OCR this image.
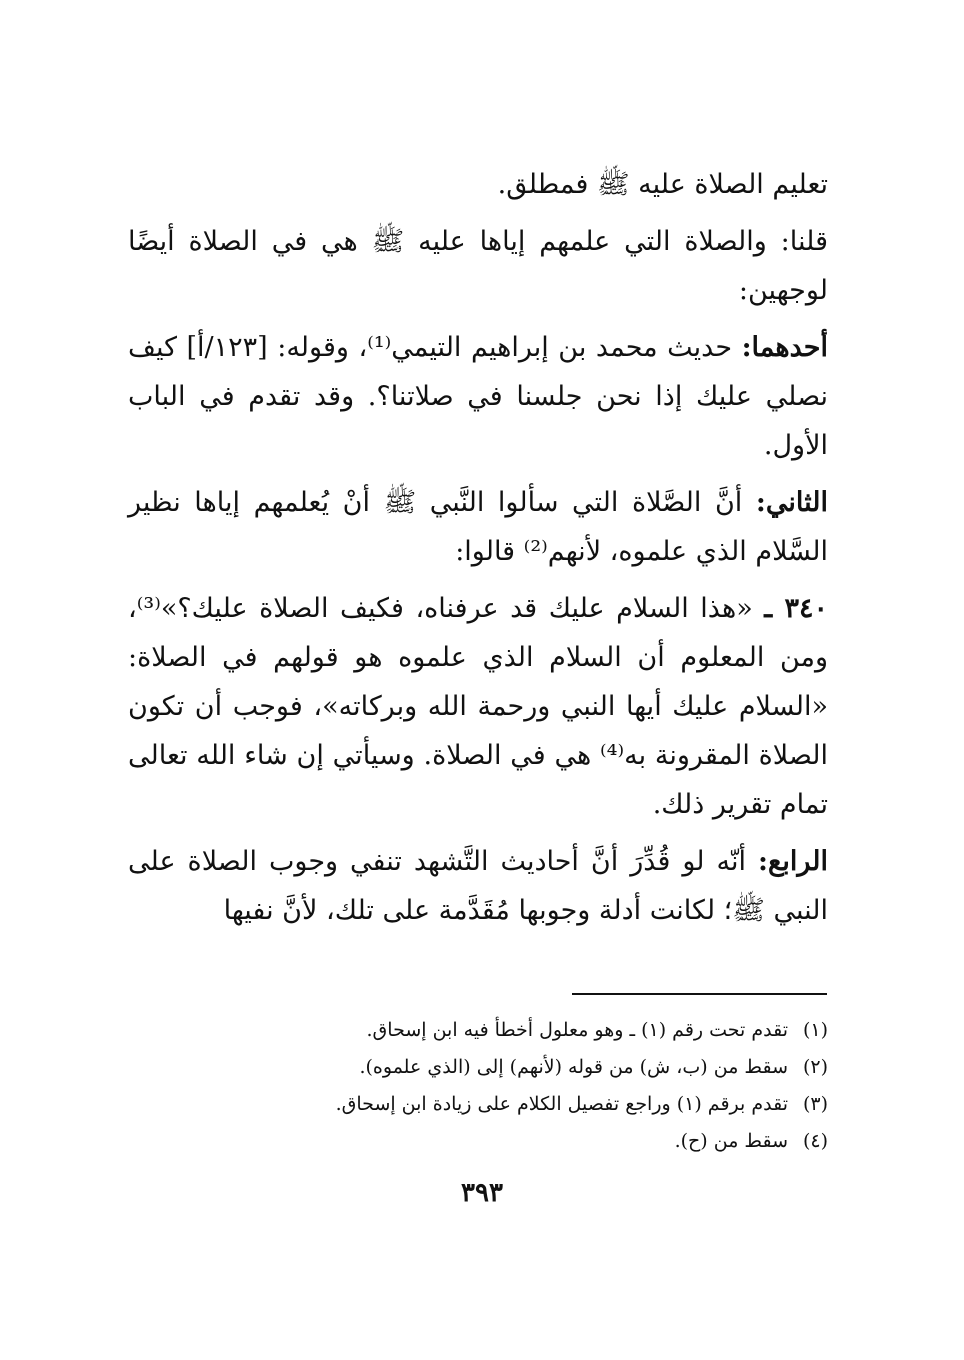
تعليم الصلاة عليه ﷺ فمطلق.

قلنا: والصلاة التي علمهم إياها عليه ﷺ هي في الصلاة أيضًا لوجهين:

أحدهما: حديث محمد بن إبراهيم التيمي⁽¹⁾، وقوله: [١٢٣/أ] كيف نصلي عليك إذا نحن جلسنا في صلاتنا؟. وقد تقدم في الباب الأول.

الثاني: أنَّ الصَّلاة التي سألوا النَّبي ﷺ أنْ يُعلمهم إياها نظير السَّلام الذي علموه، لأنهم⁽²⁾ قالوا:

٣٤٠ ـ «هذا السلام عليك قد عرفناه، فكيف الصلاة عليك؟»⁽³⁾، ومن المعلوم أن السلام الذي علموه هو قولهم في الصلاة: «السلام عليك أيها النبي ورحمة الله وبركاته»، فوجب أن تكون الصلاة المقرونة به⁽⁴⁾ هي في الصلاة. وسيأتي إن شاء الله تعالى تمام تقرير ذلك.

الرابع: أنّه لو قُدِّرَ أنَّ أحاديث التَّشهد تنفي وجوب الصلاة على النبي ﷺ؛ لكانت أدلة وجوبها مُقَدَّمة على تلك، لأنَّ نفيها

(١)تقدم تحت رقم (١) ـ وهو معلول أخطأ فيه ابن إسحاق.
(٢)سقط من (ب، ش) من قوله (لأنهم) إلى (الذي علموه).
(٣)تقدم برقم (١) وراجع تفصيل الكلام على زيادة ابن إسحاق.
(٤)سقط من (ح).
٣٩٣
